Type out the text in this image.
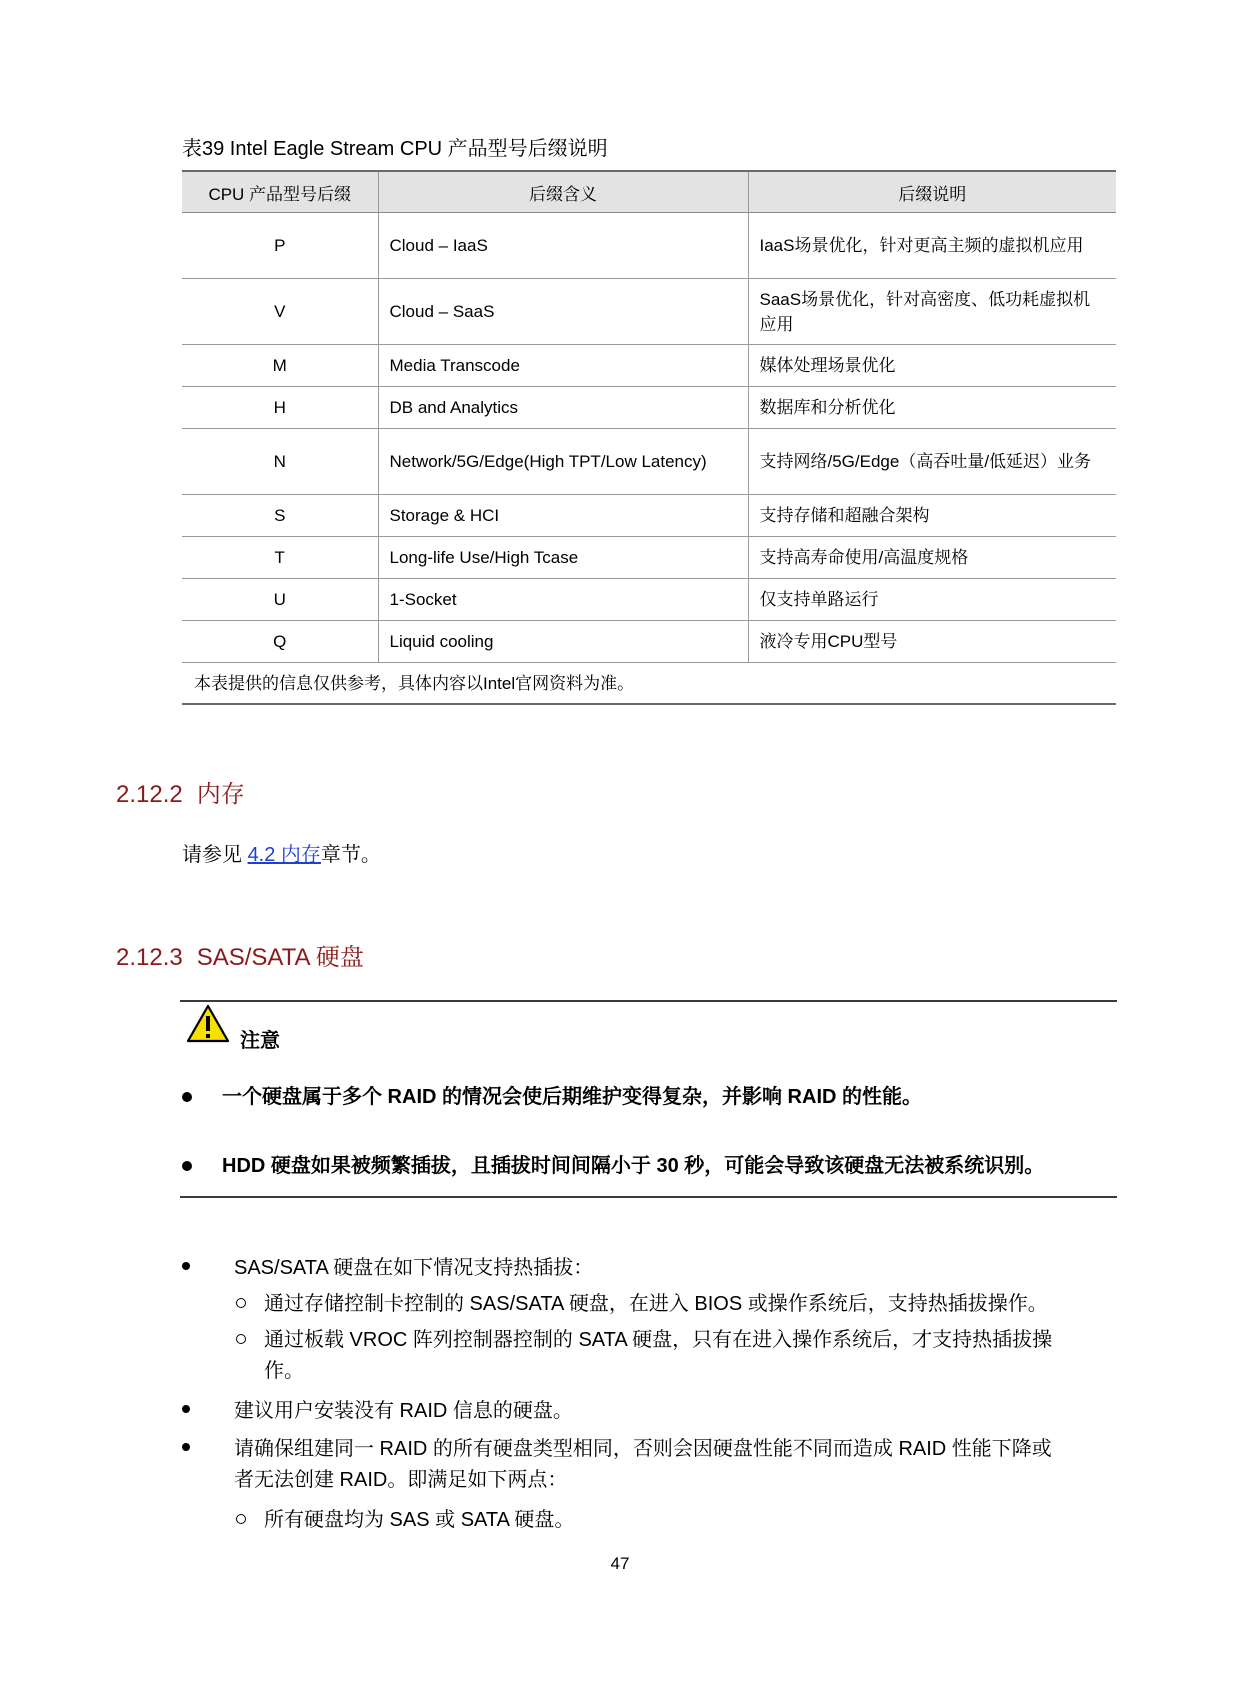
表39 Intel Eagle Stream CPU 产品型号后缀说明
CPU 产品型号后缀	后缀含义	后缀说明
P	Cloud – IaaS	IaaS场景优化，针对更高主频的虚拟机应用
V	Cloud – SaaS	SaaS场景优化，针对高密度、低功耗虚拟机应用
M	Media Transcode	媒体处理场景优化
H	DB and Analytics	数据库和分析优化
N	Network/5G/Edge(High TPT/Low Latency)	支持网络/5G/Edge（高吞吐量/低延迟）业务
S	Storage & HCI	支持存储和超融合架构
T	Long-life Use/High Tcase	支持高寿命使用/高温度规格
U	1-Socket	仅支持单路运行
Q	Liquid cooling	液冷专用CPU型号
本表提供的信息仅供参考，具体内容以Intel官网资料为准。		
2.12.2 内存
请参见 4.2 内存章节。
2.12.3 SAS/SATA 硬盘
注意
一个硬盘属于多个 RAID 的情况会使后期维护变得复杂，并影响 RAID 的性能。
HDD 硬盘如果被频繁插拔，且插拔时间间隔小于 30 秒，可能会导致该硬盘无法被系统识别。
SAS/SATA 硬盘在如下情况支持热插拔：
通过存储控制卡控制的 SAS/SATA 硬盘，在进入 BIOS 或操作系统后，支持热插拔操作。
通过板载 VROC 阵列控制器控制的 SATA 硬盘，只有在进入操作系统后，才支持热插拔操
作。
建议用户安装没有 RAID 信息的硬盘。
请确保组建同一 RAID 的所有硬盘类型相同，否则会因硬盘性能不同而造成 RAID 性能下降或
者无法创建 RAID。即满足如下两点：
所有硬盘均为 SAS 或 SATA 硬盘。
47
